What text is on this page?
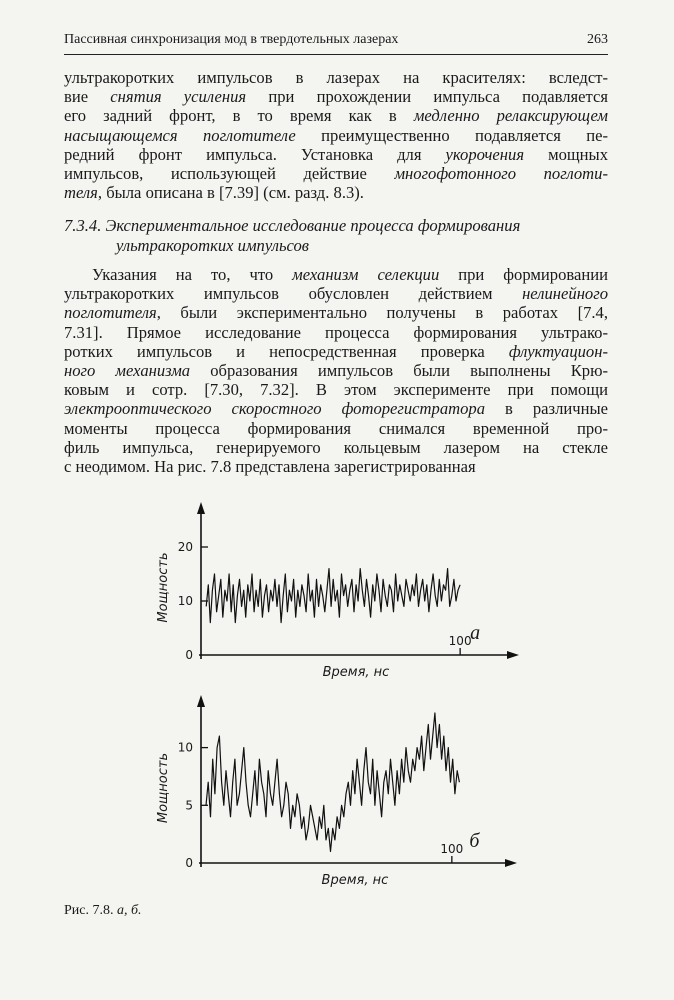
Пассивная синхронизация мод в твердотельных лазерах	263
ультракоротких импульсов в лазерах на красителях: вследст-
вие снятия усиления при прохождении импульса подавляется
его задний фронт, в то время как в медленно релаксирующем
насыщающемся поглотителе преимущественно подавляется пе-
редний фронт импульса. Установка для укорочения мощных
импульсов, использующей действие многофотонного поглоти-
теля, была описана в [7.39] (см. разд. 8.3).
7.3.4. Экспериментальное исследование процесса формирования
ультракоротких импульсов
Указания на то, что механизм селекции при формировании
ультракоротких импульсов обусловлен действием нелинейного
поглотителя, были экспериментально получены в работах [7.4,
7.31]. Прямое исследование процесса формирования ультрако-
ротких импульсов и непосредственная проверка флуктуацион-
ного механизма образования импульсов были выполнены Крю-
ковым и сотр. [7.30, 7.32]. В этом эксперименте при помощи
электрооптического скоростного фоторегистратора в различные
моменты процесса формирования снимался временной про-
филь импульса, генерируемого кольцевым лазером на стекле
с неодимом. На рис. 7.8 представлена зарегистрированная
0
10
20
100
Время, нс
Мощность
а
0
5
10
100
Время, нс
Мощность
б
Рис. 7.8. а, б.
